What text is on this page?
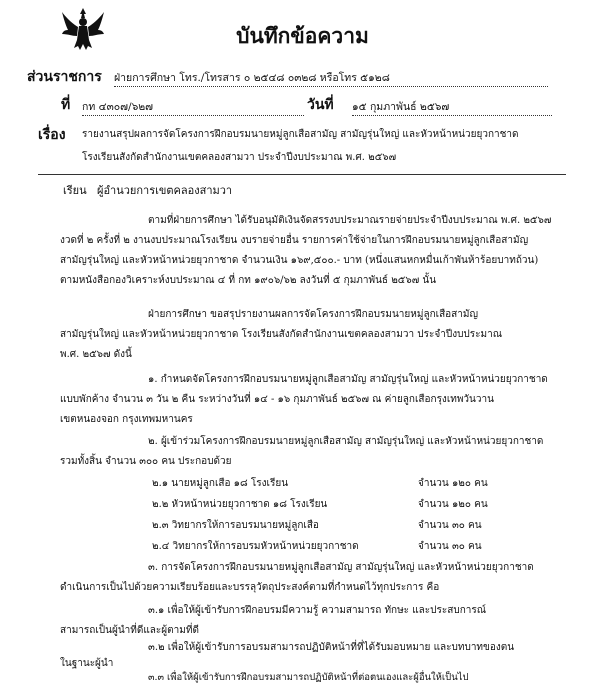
บันทึกข้อความ
ส่วนราชการ ฝ่ายการศึกษา โทร./โทรสาร ๐ ๒๕๔๘ ๐๓๒๘ หรือโทร ๕๑๒๘
ที่ กท ๔๓๐๗/๖๒๗	วันที่ ๑๕ กุมภาพันธ์ ๒๕๖๗
เรื่อง รายงานสรุปผลการจัดโครงการฝึกอบรมนายหมู่ลูกเสือสามัญ สามัญรุ่นใหญ่ และหัวหน้าหน่วยยุวกาชาด
โรงเรียนสังกัดสำนักงานเขตคลองสามวา ประจำปีงบประมาณ พ.ศ. ๒๕๖๗
เรียน ผู้อำนวยการเขตคลองสามวา
ตามที่ฝ่ายการศึกษา ได้รับอนุมัติเงินจัดสรรงบประมาณรายจ่ายประจำปีงบประมาณ พ.ศ. ๒๕๖๗
งวดที่ ๒ ครั้งที่ ๒ งานงบประมาณโรงเรียน งบรายจ่ายอื่น รายการค่าใช้จ่ายในการฝึกอบรมนายหมู่ลูกเสือสามัญ
สามัญรุ่นใหญ่ และหัวหน้าหน่วยยุวกาชาด จำนวนเงิน ๑๖๙,๕๐๐.- บาท (หนึ่งแสนหกหมื่นเก้าพันห้าร้อยบาทถ้วน)
ตามหนังสือกองวิเคราะห์งบประมาณ ๔ ที่ กท ๑๙๐๖/๖๒ ลงวันที่ ๕ กุมภาพันธ์ ๒๕๖๗ นั้น
ฝ่ายการศึกษา ขอสรุปรายงานผลการจัดโครงการฝึกอบรมนายหมู่ลูกเสือสามัญ
สามัญรุ่นใหญ่ และหัวหน้าหน่วยยุวกาชาด โรงเรียนสังกัดสำนักงานเขตคลองสามวา ประจำปีงบประมาณ
พ.ศ. ๒๕๖๗ ดังนี้
๑. กำหนดจัดโครงการฝึกอบรมนายหมู่ลูกเสือสามัญ สามัญรุ่นใหญ่ และหัวหน้าหน่วยยุวกาชาด
แบบพักค้าง จำนวน ๓ วัน ๒ คืน ระหว่างวันที่ ๑๔ - ๑๖ กุมภาพันธ์ ๒๕๖๗ ณ ค่ายลูกเสือกรุงเทพวันวาน
เขตหนองจอก กรุงเทพมหานคร
๒. ผู้เข้าร่วมโครงการฝึกอบรมนายหมู่ลูกเสือสามัญ สามัญรุ่นใหญ่ และหัวหน้าหน่วยยุวกาชาด
รวมทั้งสิ้น จำนวน ๓๐๐ คน ประกอบด้วย
๒.๑ นายหมู่ลูกเสือ ๑๘ โรงเรียน	จำนวน ๑๒๐ คน
๒.๒ หัวหน้าหน่วยยุวกาชาด ๑๘ โรงเรียน	จำนวน ๑๒๐ คน
๒.๓ วิทยากรให้การอบรมนายหมู่ลูกเสือ	จำนวน ๓๐ คน
๒.๔ วิทยากรให้การอบรมหัวหน้าหน่วยยุวกาชาด	จำนวน ๓๐ คน
๓. การจัดโครงการฝึกอบรมนายหมู่ลูกเสือสามัญ สามัญรุ่นใหญ่ และหัวหน้าหน่วยยุวกาชาด
ดำเนินการเป็นไปด้วยความเรียบร้อยและบรรลุวัตถุประสงค์ตามที่กำหนดไว้ทุกประการ คือ
๓.๑ เพื่อให้ผู้เข้ารับการฝึกอบรมมีความรู้ ความสามารถ ทักษะ และประสบการณ์
สามารถเป็นผู้นำที่ดีและผู้ตามที่ดี
๓.๒ เพื่อให้ผู้เข้ารับการอบรมสามารถปฏิบัติหน้าที่ที่ได้รับมอบหมาย และบทบาทของตน
ในฐานะผู้นำ
๓.๓ เพื่อให้ผู้เข้ารับการฝึกอบรมสามารถปฏิบัติหน้าที่ต่อตนเองและผู้อื่นให้เป็นไป
